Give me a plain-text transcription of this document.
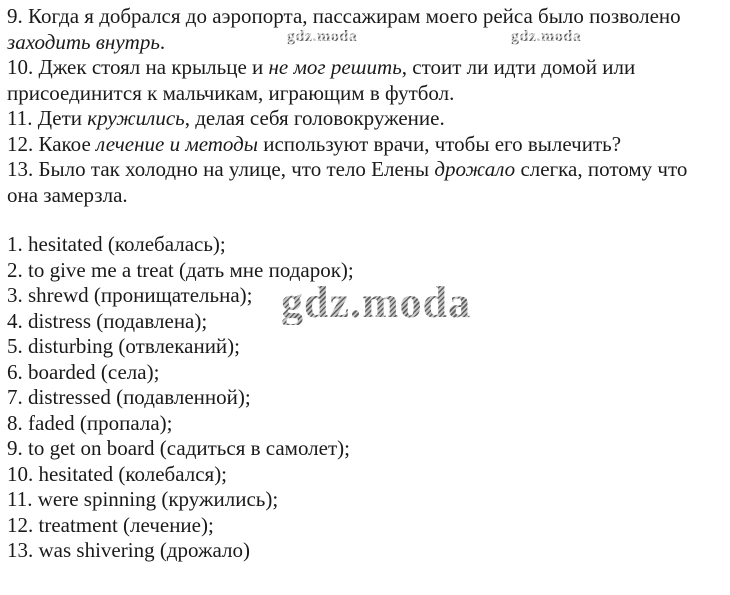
9. Когда я добрался до аэропорта, пассажирам моего рейса было позволено
заходить внутрь.
10. Джек стоял на крыльце и не мог решить, стоит ли идти домой или
присоединится к мальчикам, играющим в футбол.
11. Дети кружились, делая себя головокружение.
12. Какое лечение и методы используют врачи, чтобы его вылечить?
13. Было так холодно на улице, что тело Елены дрожало слегка, потому что
она замерзла.
1. hesitated (колебалась);
2. to give me a treat (дать мне подарок);
3. shrewd (пронищательна);
4. distress (подавлена);
5. disturbing (отвлеканий);
6. boarded (села);
7. distressed (подавленной);
8. faded (пропала);
9. to get on board (садиться в самолет);
10. hesitated (колебался);
11. were spinning (кружились);
12. treatment (лечение);
13. was shivering (дрожало)
gdz.moda	gdz.moda
gdz.moda
